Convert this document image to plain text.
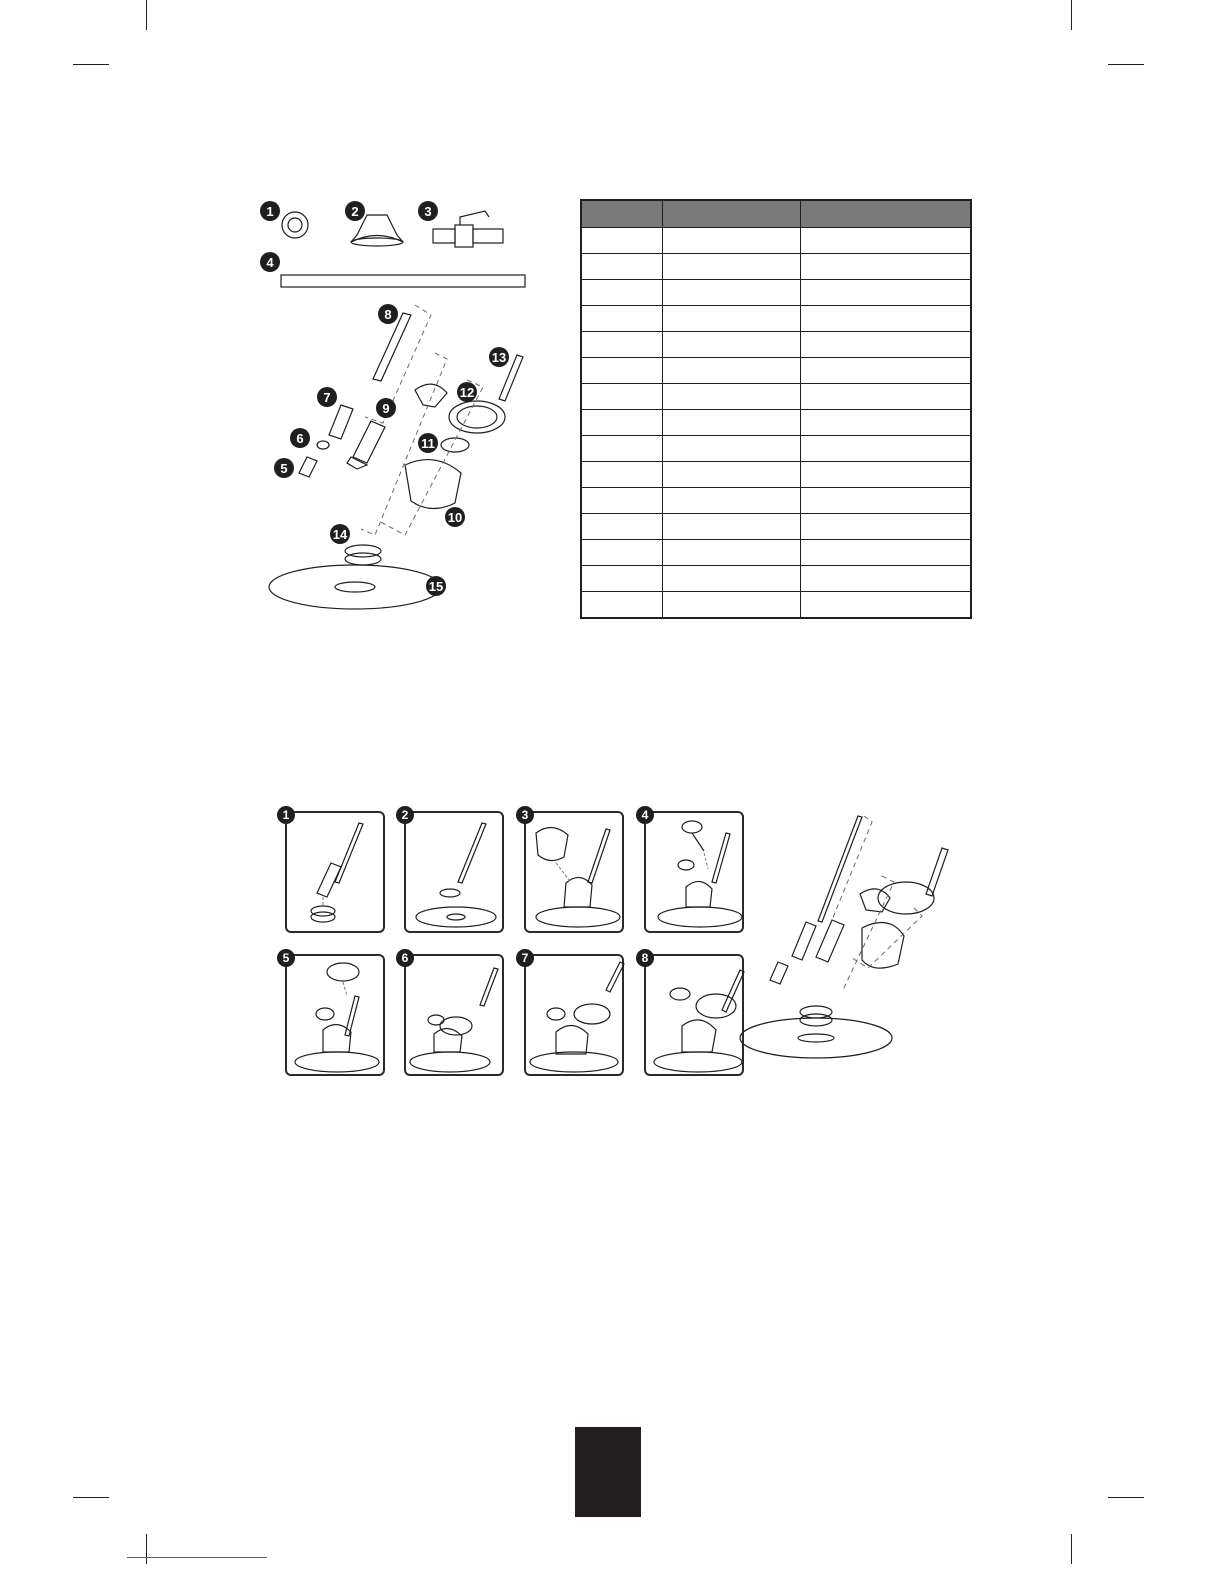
1	2	3
4
5
6
7
8
9
10
11
12
13
14
15

1	2	3	4
5	6	7	8
